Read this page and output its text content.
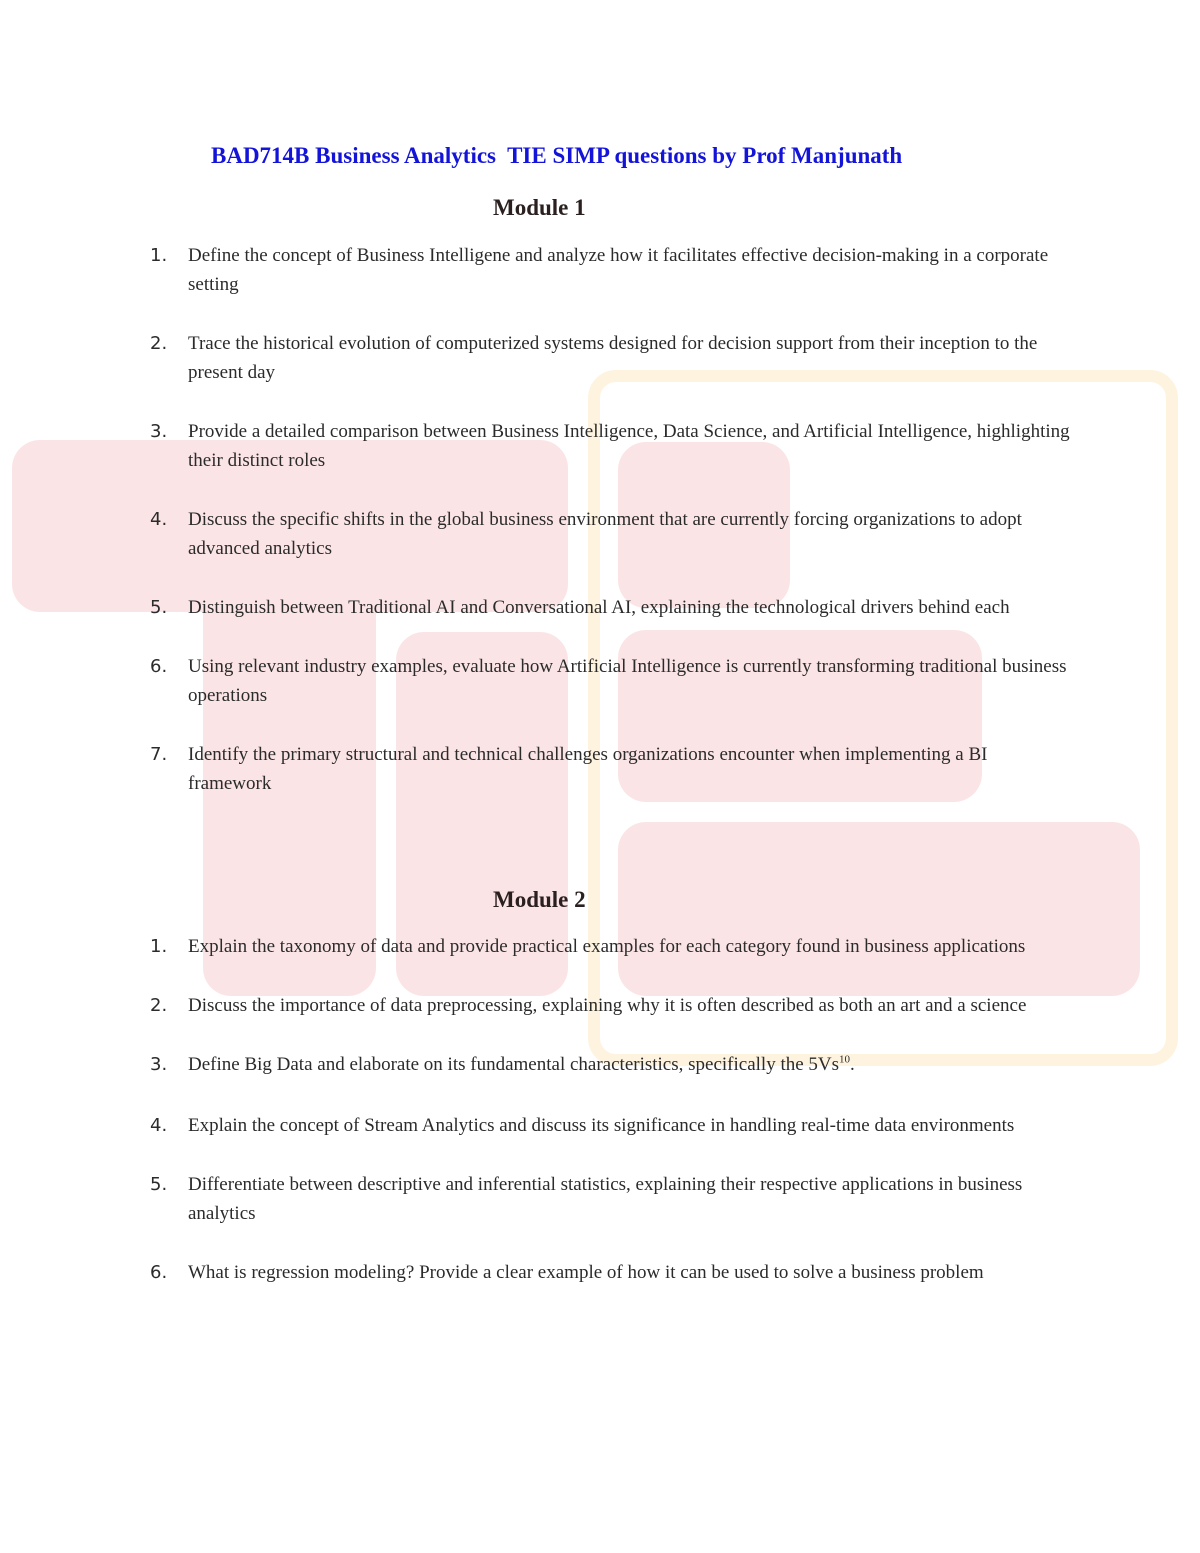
BAD714B Business Analytics  TIE SIMP questions by Prof Manjunath
Module 1
1. Define the concept of Business Intelligene and analyze how it facilitates effective decision-making in a corporate setting
2. Trace the historical evolution of computerized systems designed for decision support from their inception to the present day
3. Provide a detailed comparison between Business Intelligence, Data Science, and Artificial Intelligence, highlighting their distinct roles
4. Discuss the specific shifts in the global business environment that are currently forcing organizations to adopt advanced analytics
5. Distinguish between Traditional AI and Conversational AI, explaining the technological drivers behind each
6. Using relevant industry examples, evaluate how Artificial Intelligence is currently transforming traditional business operations
7. Identify the primary structural and technical challenges organizations encounter when implementing a BI framework
Module 2
1. Explain the taxonomy of data and provide practical examples for each category found in business applications
2. Discuss the importance of data preprocessing, explaining why it is often described as both an art and a science
3. Define Big Data and elaborate on its fundamental characteristics, specifically the 5Vs$^{10}$.
4. Explain the concept of Stream Analytics and discuss its significance in handling real-time data environments
5. Differentiate between descriptive and inferential statistics, explaining their respective applications in business analytics
6. What is regression modeling? Provide a clear example of how it can be used to solve a business problem
